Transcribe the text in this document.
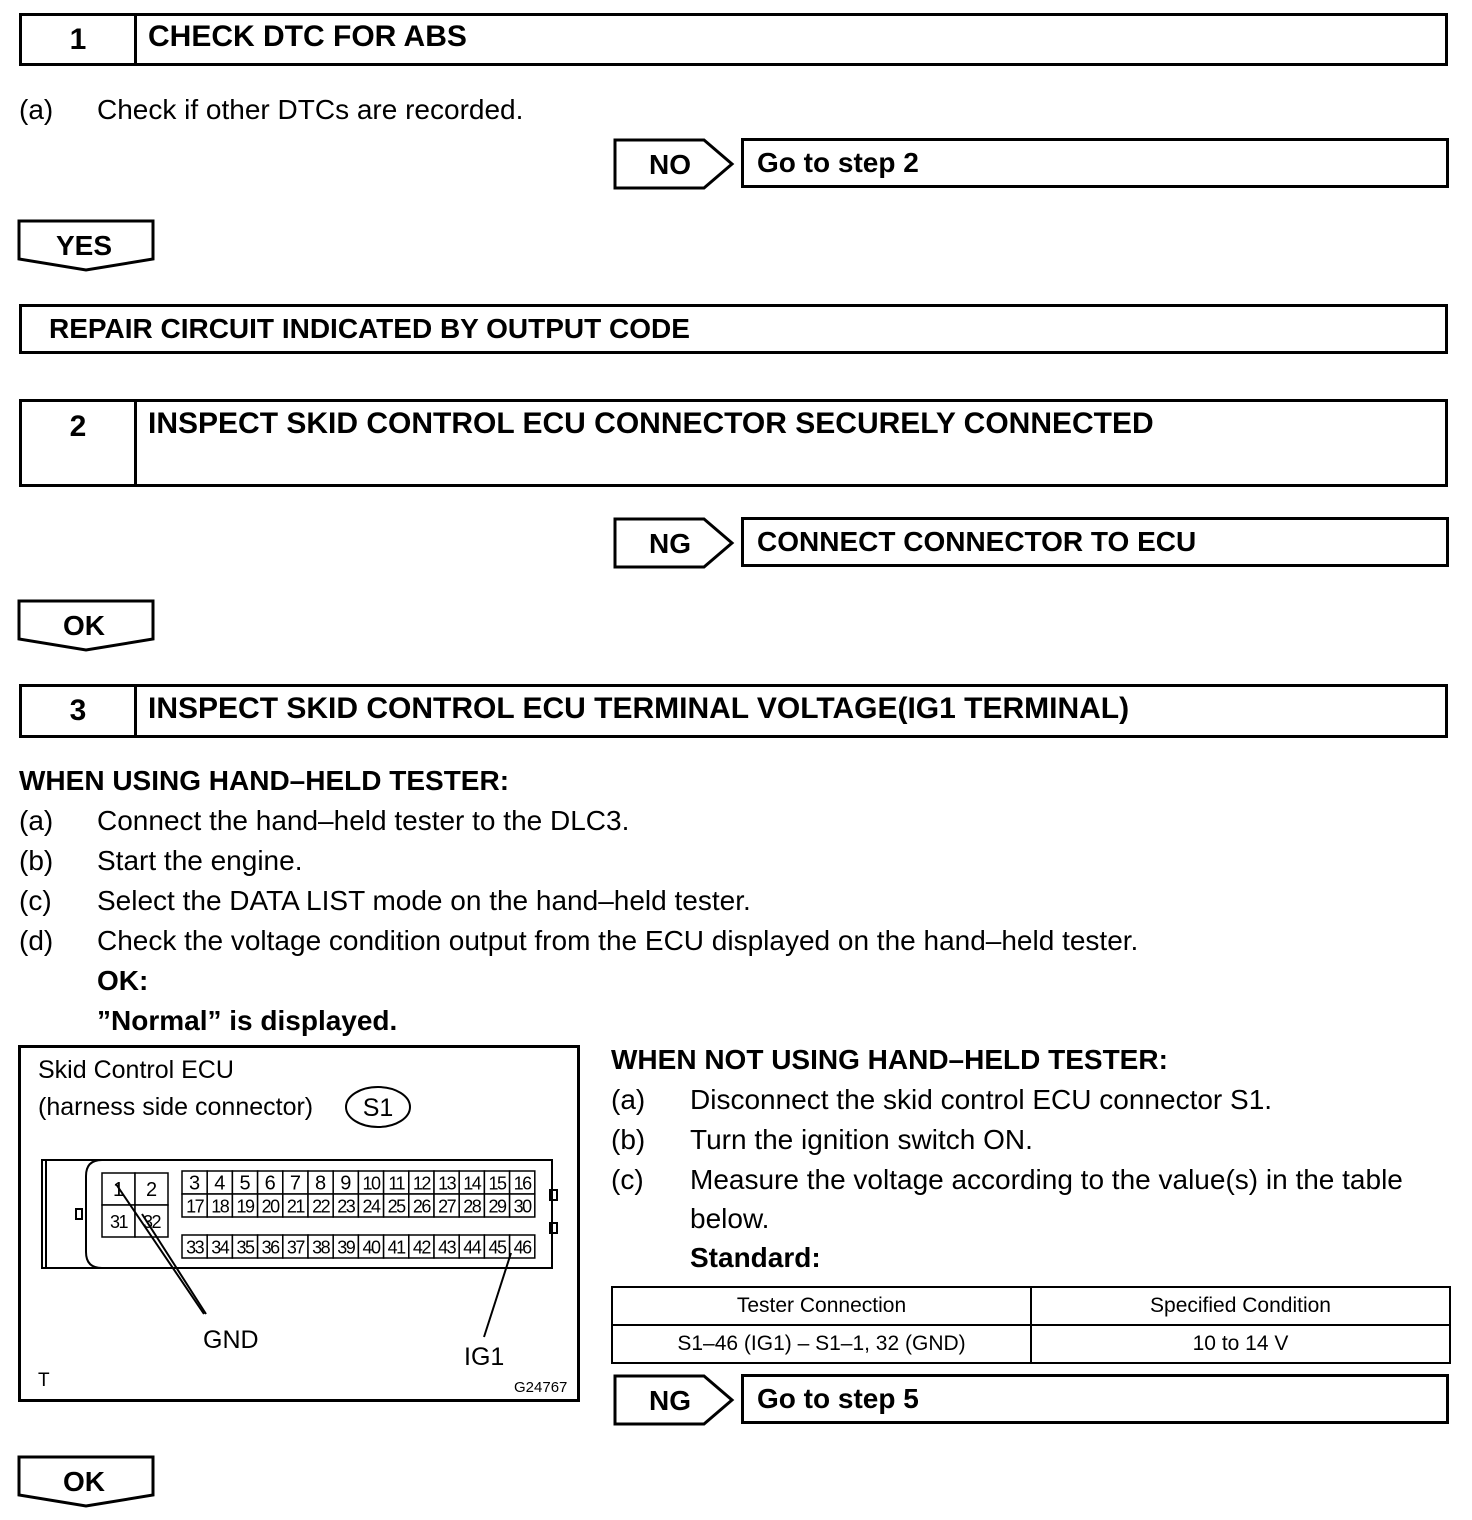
1	CHECK DTC FOR ABS
(a) Check if other DTCs are recorded.
NO	Go to step 2
YES
REPAIR CIRCUIT INDICATED BY OUTPUT CODE
2	INSPECT SKID CONTROL ECU CONNECTOR SECURELY CONNECTED
NG	CONNECT CONNECTOR TO ECU
OK
3	INSPECT SKID CONTROL ECU TERMINAL VOLTAGE(IG1 TERMINAL)
WHEN USING HAND–HELD TESTER:
(a) Connect the hand–held tester to the DLC3.
(b) Start the engine.
(c) Select the DATA LIST mode on the hand–held tester.
(d) Check the voltage condition output from the ECU displayed on the hand–held tester.
OK:
”Normal” is displayed.
Skid Control ECU
(harness side connector) S1
1 2
31 32
3 4 5 6 7 8 9 10 11 12 13 14 15 16
17 18 19 20 21 22 23 24 25 26 27 28 29 30
33 34 35 36 37 38 39 40 41 42 43 44 45 46
GND
IG1
T	G24767
WHEN NOT USING HAND–HELD TESTER:
(a) Disconnect the skid control ECU connector S1.
(b) Turn the ignition switch ON.
(c) Measure the voltage according to the value(s) in the table
below.
Standard:
Tester Connection	Specified Condition
S1–46 (IG1) – S1–1, 32 (GND)	10 to 14 V
NG	Go to step 5
OK
